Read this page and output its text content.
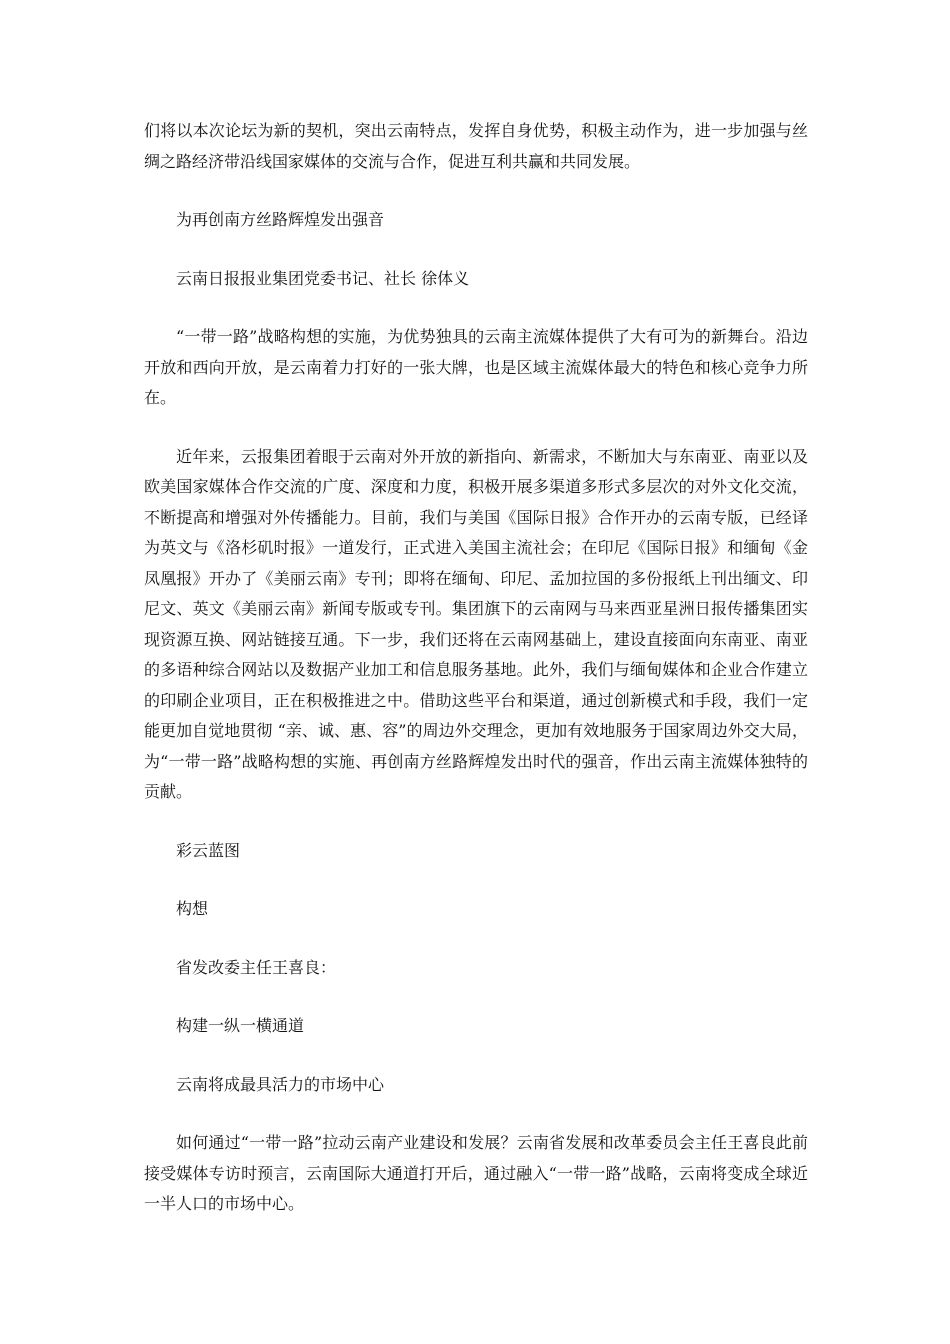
们将以本次论坛为新的契机，突出云南特点，发挥自身优势，积极主动作为，进一步加强与丝绸之路经济带沿线国家媒体的交流与合作，促进互利共赢和共同发展。

为再创南方丝路辉煌发出强音

云南日报报业集团党委书记、社长 徐体义

“一带一路”战略构想的实施，为优势独具的云南主流媒体提供了大有可为的新舞台。沿边开放和西向开放，是云南着力打好的一张大牌，也是区域主流媒体最大的特色和核心竞争力所在。

近年来，云报集团着眼于云南对外开放的新指向、新需求，不断加大与东南亚、南亚以及欧美国家媒体合作交流的广度、深度和力度，积极开展多渠道多形式多层次的对外文化交流，不断提高和增强对外传播能力。目前，我们与美国《国际日报》合作开办的云南专版，已经译为英文与《洛杉矶时报》一道发行，正式进入美国主流社会；在印尼《国际日报》和缅甸《金凤凰报》开办了《美丽云南》专刊；即将在缅甸、印尼、孟加拉国的多份报纸上刊出缅文、印尼文、英文《美丽云南》新闻专版或专刊。集团旗下的云南网与马来西亚星洲日报传播集团实现资源互换、网站链接互通。下一步，我们还将在云南网基础上，建设直接面向东南亚、南亚的多语种综合网站以及数据产业加工和信息服务基地。此外，我们与缅甸媒体和企业合作建立的印刷企业项目，正在积极推进之中。借助这些平台和渠道，通过创新模式和手段，我们一定能更加自觉地贯彻 “亲、诚、惠、容”的周边外交理念，更加有效地服务于国家周边外交大局，为“一带一路”战略构想的实施、再创南方丝路辉煌发出时代的强音，作出云南主流媒体独特的贡献。

彩云蓝图

构想

省发改委主任王喜良：

构建一纵一横通道

云南将成最具活力的市场中心

如何通过“一带一路”拉动云南产业建设和发展？云南省发展和改革委员会主任王喜良此前接受媒体专访时预言，云南国际大通道打开后，通过融入“一带一路”战略，云南将变成全球近一半人口的市场中心。
